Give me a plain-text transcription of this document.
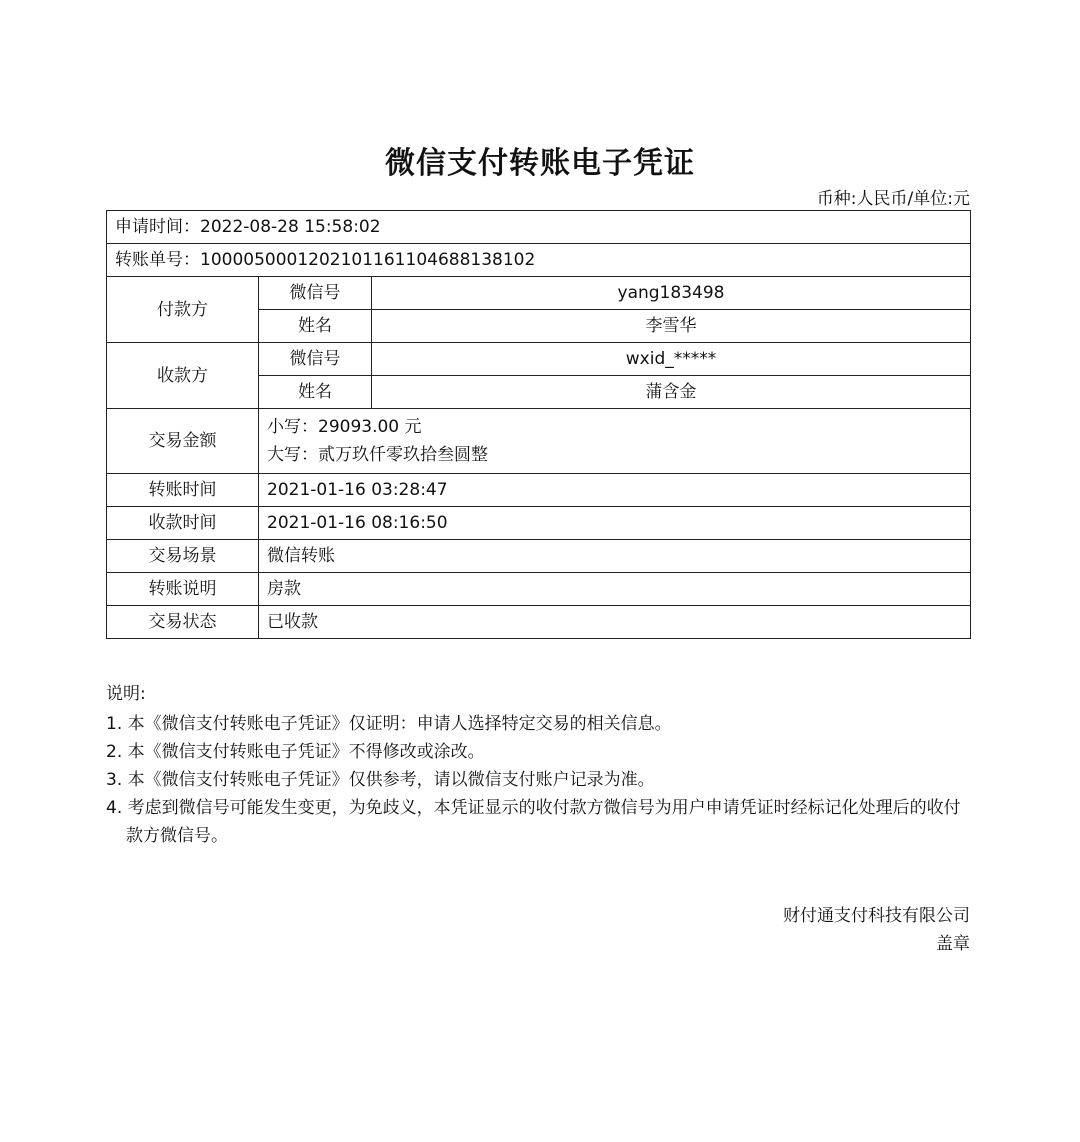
微信支付转账电子凭证
币种:人民币/单位:元
申请时间：2022-08-28 15:58:02		
转账单号：1000050001202101161104688138102		
付款方	微信号	yang183498
	姓名	李雪华
收款方	微信号	wxid_*****
	姓名	蒲含金
交易金额	小写：29093.00 元
大写：贰万玖仟零玖拾叁圆整	

转账时间	2021-01-16 03:28:47	
收款时间	2021-01-16 08:16:50	
交易场景	微信转账	
转账说明	房款	
交易状态	已收款	
说明:
1. 本《微信支付转账电子凭证》仅证明：申请人选择特定交易的相关信息。
2. 本《微信支付转账电子凭证》不得修改或涂改。
3. 本《微信支付转账电子凭证》仅供参考，请以微信支付账户记录为准。
4. 考虑到微信号可能发生变更，为免歧义，本凭证显示的收付款方微信号为用户申请凭证时经标记化处理后的收付款方微信号。
财付通支付科技有限公司
盖章
